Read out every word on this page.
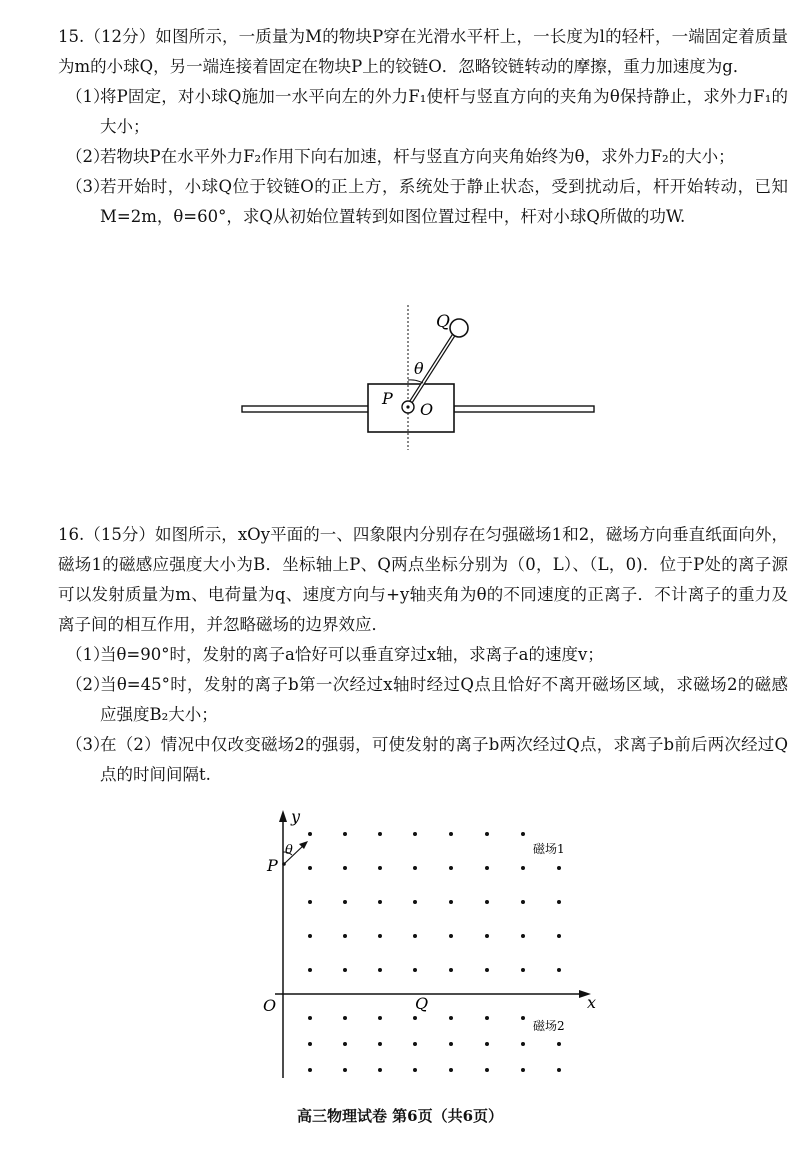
15.（12分）如图所示，一质量为M的物块P穿在光滑水平杆上，一长度为l的轻杆，一端固定着质量为m的小球Q，另一端连接着固定在物块P上的铰链O．忽略铰链转动的摩擦，重力加速度为g．

（1）
将P固定，对小球Q施加一水平向左的外力F₁使杆与竖直方向的夹角为θ保持静止，求外力F₁的大小；

（2）
若物块P在水平外力F₂作用下向右加速，杆与竖直方向夹角始终为θ，求外力F₂的大小；

（3）
若开始时，小球Q位于铰链O的正上方，系统处于静止状态，受到扰动后，杆开始转动，已知M=2m，θ=60°，求Q从初始位置转到如图位置过程中，杆对小球Q所做的功W.

Q
θ
P
O

16.（15分）如图所示，xOy平面的一、四象限内分别存在匀强磁场1和2，磁场方向垂直纸面向外，磁场1的磁感应强度大小为B．坐标轴上P、Q两点坐标分别为（0，L）、（L，0)．位于P处的离子源可以发射质量为m、电荷量为q、速度方向与+y轴夹角为θ的不同速度的正离子．不计离子的重力及离子间的相互作用，并忽略磁场的边界效应．

（1）
当θ=90°时，发射的离子a恰好可以垂直穿过x轴，求离子a的速度v；

（2）
当θ=45°时，发射的离子b第一次经过x轴时经过Q点且恰好不离开磁场区域，求磁场2的磁感应强度B₂大小；

（3）
在（2）情况中仅改变磁场2的强弱，可使发射的离子b两次经过Q点，求离子b前后两次经过Q点的时间间隔t.

y
x
O
P
Q
θ	磁场1
磁场2
高三物理试卷 第6页（共6页）
